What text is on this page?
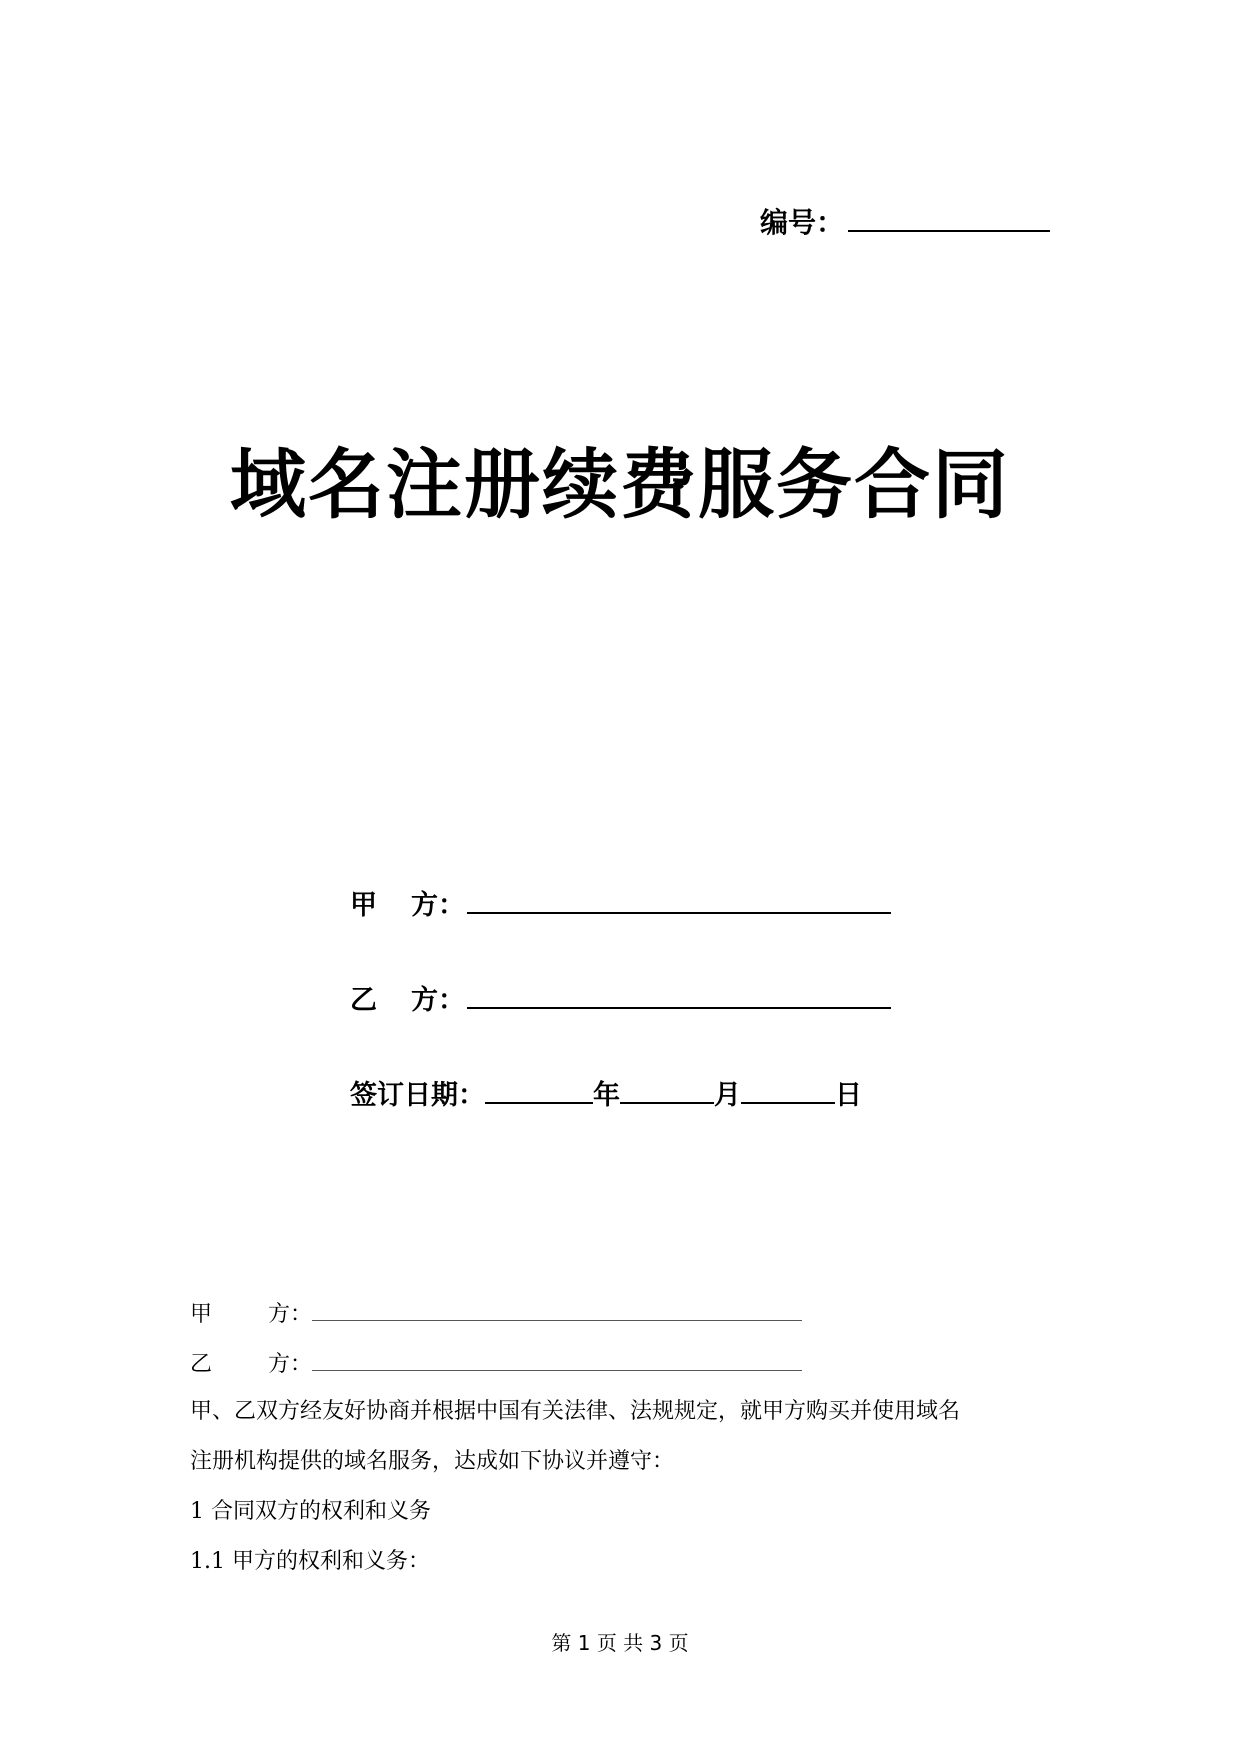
编号：
域名注册续费服务合同
甲 方：
乙 方：
签订日期：	年	月	日
甲	方：
乙	方：
甲、乙双方经友好协商并根据中国有关法律、法规规定，就甲方购买并使用域名
注册机构提供的域名服务，达成如下协议并遵守：
1 合同双方的权利和义务
1.1 甲方的权利和义务：
第 1 页 共 3 页
